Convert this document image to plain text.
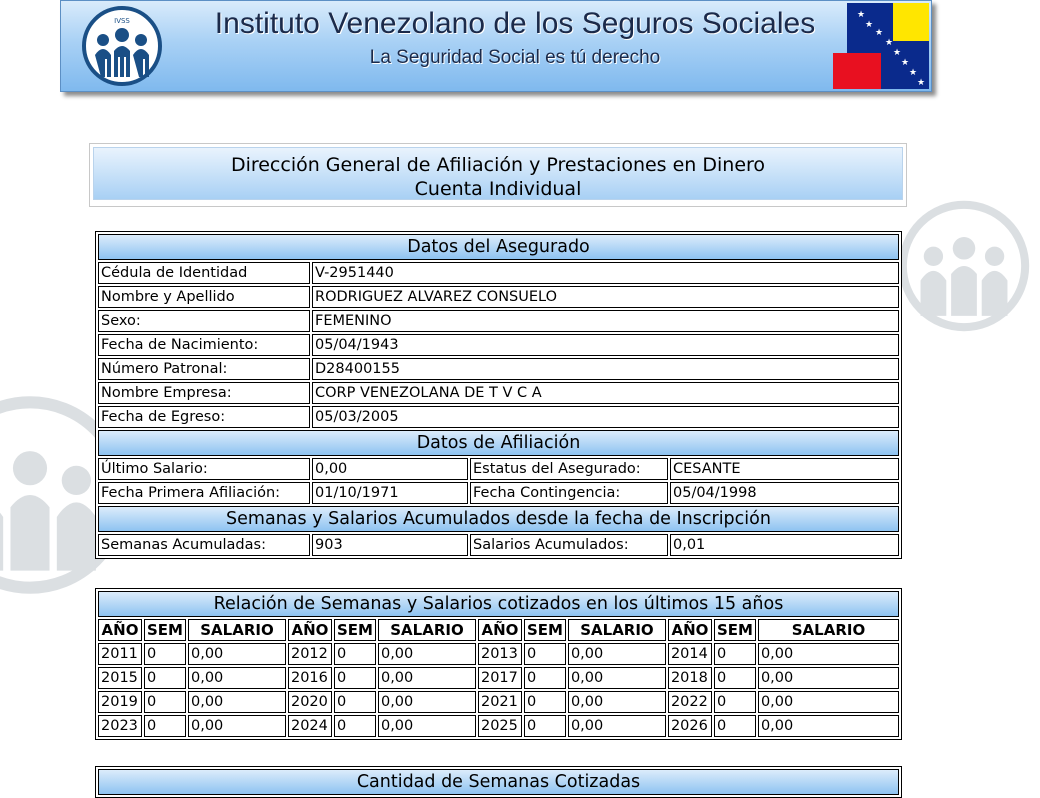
IVSS	Instituto Venezolano de los Seguros Sociales
La Seguridad Social es tú derecho
★
★
★
★
★
★
★
★
Dirección General de Afiliación y Prestaciones en Dinero
Cuenta Individual
Datos del Asegurado			
Cédula de Identidad	V-2951440		
Nombre y Apellido	RODRIGUEZ ALVAREZ CONSUELO		
Sexo:	FEMENINO		
Fecha de Nacimiento:	05/04/1943		
Número Patronal:	D28400155		
Nombre Empresa:	CORP VENEZOLANA DE T V C A		
Fecha de Egreso:	05/03/2005		
Datos de Afiliación			
Último Salario:	0,00	Estatus del Asegurado:	CESANTE
Fecha Primera Afiliación:	01/10/1971	Fecha Contingencia:	05/04/1998
Semanas y Salarios Acumulados desde la fecha de Inscripción			
Semanas Acumuladas:	903	Salarios Acumulados:	0,01
Relación de Semanas y Salarios cotizados en los últimos 15 años											
AÑO	SEM	SALARIO	AÑO	SEM	SALARIO	AÑO	SEM	SALARIO	AÑO	SEM	SALARIO
2011	0	0,00	2012	0	0,00	2013	0	0,00	2014	0	0,00
2015	0	0,00	2016	0	0,00	2017	0	0,00	2018	0	0,00
2019	0	0,00	2020	0	0,00	2021	0	0,00	2022	0	0,00
2023	0	0,00	2024	0	0,00	2025	0	0,00	2026	0	0,00
Cantidad de Semanas Cotizadas
